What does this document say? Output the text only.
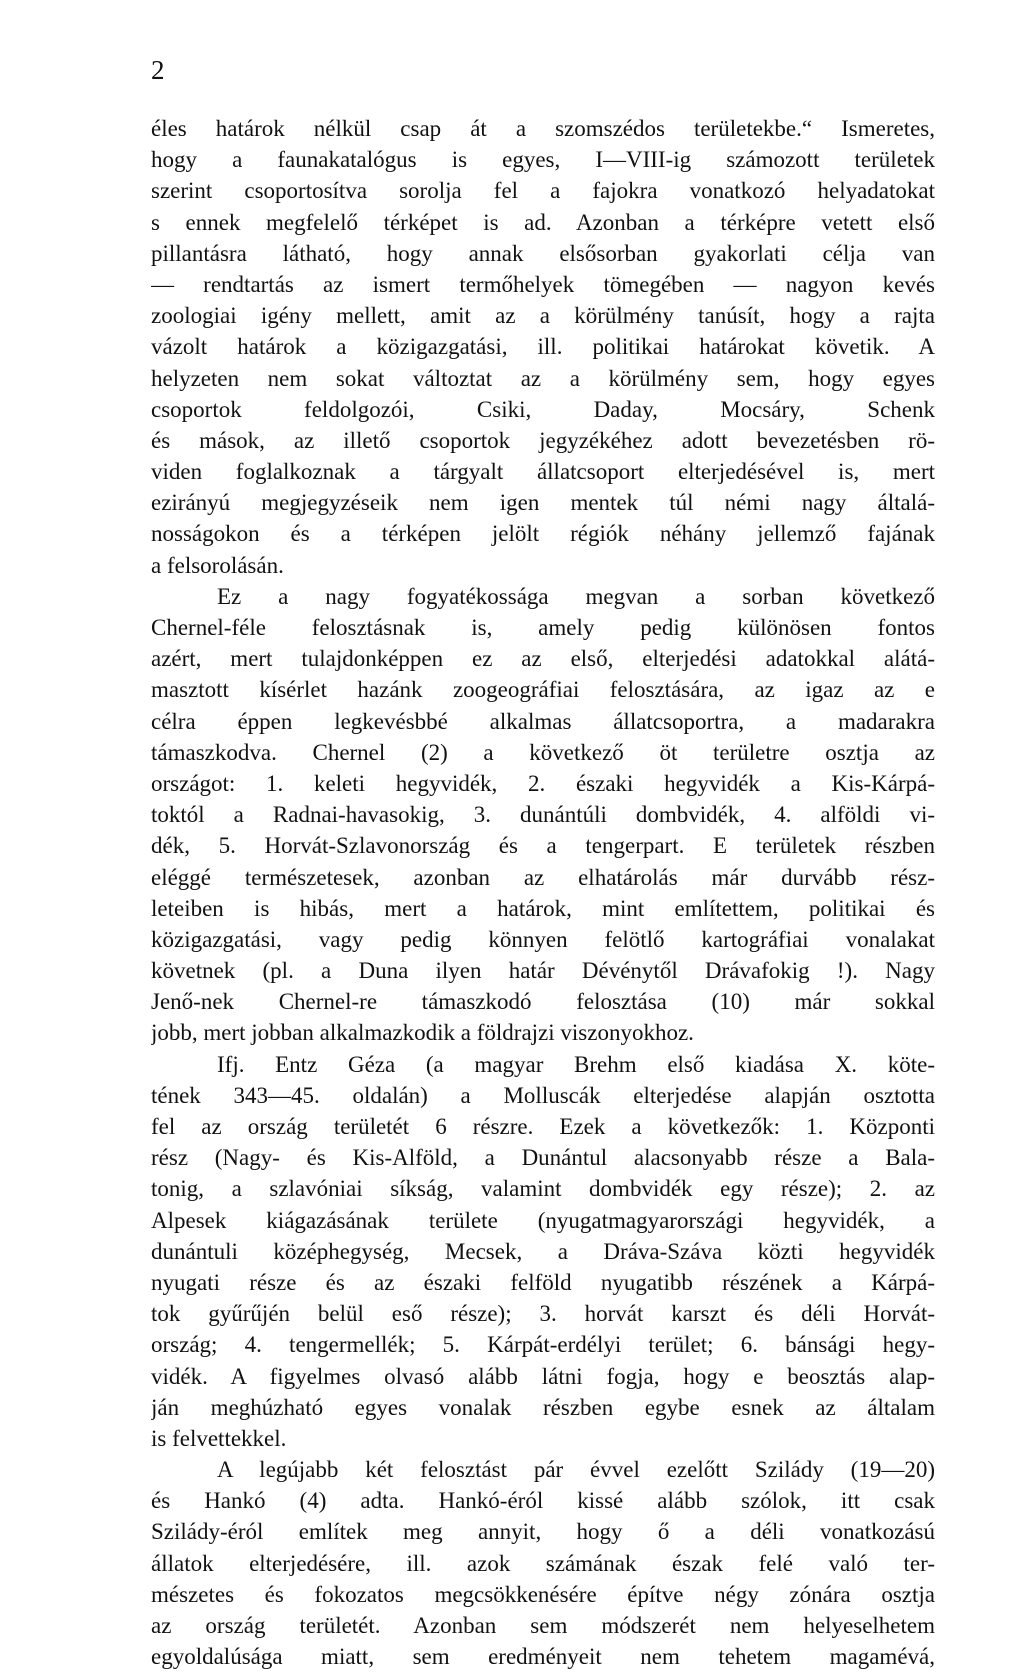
2
éles határok nélkül csap át a szomszédos területekbe.“ Ismeretes,
hogy a faunakatalógus is egyes, I—VIII-ig számozott területek
szerint csoportosítva sorolja fel a fajokra vonatkozó helyadatokat
s ennek megfelelő térképet is ad. Azonban a térképre vetett első
pillantásra látható, hogy annak elsősorban gyakorlati célja van
— rendtartás az ismert termőhelyek tömegében — nagyon kevés
zoologiai igény mellett, amit az a körülmény tanúsít, hogy a rajta
vázolt határok a közigazgatási, ill. politikai határokat követik. A
helyzeten nem sokat változtat az a körülmény sem, hogy egyes
csoportok feldolgozói, Csiki, Daday, Mocsáry, Schenk
és mások, az illető csoportok jegyzékéhez adott bevezetésben rö-
viden foglalkoznak a tárgyalt állatcsoport elterjedésével is, mert
ezirányú megjegyzéseik nem igen mentek túl némi nagy általá-
nosságokon és a térképen jelölt régiók néhány jellemző fajának
a felsorolásán.
Ez a nagy fogyatékossága megvan a sorban következő
Chernel-féle felosztásnak is, amely pedig különösen fontos
azért, mert tulajdonképpen ez az első, elterjedési adatokkal alátá-
masztott kísérlet hazánk zoogeográfiai felosztására, az igaz az e
célra éppen legkevésbbé alkalmas állatcsoportra, a madarakra
támaszkodva. Chernel (2) a következő öt területre osztja az
országot: 1. keleti hegyvidék, 2. északi hegyvidék a Kis-Kárpá-
toktól a Radnai-havasokig, 3. dunántúli dombvidék, 4. alföldi vi-
dék, 5. Horvát-Szlavonország és a tengerpart. E területek részben
eléggé természetesek, azonban az elhatárolás már durvább rész-
leteiben is hibás, mert a határok, mint említettem, politikai és
közigazgatási, vagy pedig könnyen felötlő kartográfiai vonalakat
követnek (pl. a Duna ilyen határ Dévénytől Drávafokig !). Nagy
Jenő-nek Chernel-re támaszkodó felosztása (10) már sokkal
jobb, mert jobban alkalmazkodik a földrajzi viszonyokhoz.
Ifj. Entz Géza (a magyar Brehm első kiadása X. köte-
tének 343—45. oldalán) a Molluscák elterjedése alapján osztotta
fel az ország területét 6 részre. Ezek a következők: 1. Központi
rész (Nagy- és Kis-Alföld, a Dunántul alacsonyabb része a Bala-
tonig, a szlavóniai síkság, valamint dombvidék egy része); 2. az
Alpesek kiágazásának területe (nyugatmagyarországi hegyvidék, a
dunántuli középhegység, Mecsek, a Dráva-Száva közti hegyvidék
nyugati része és az északi felföld nyugatibb részének a Kárpá-
tok gyűrűjén belül eső része); 3. horvát karszt és déli Horvát-
ország; 4. tengermellék; 5. Kárpát-erdélyi terület; 6. bánsági hegy-
vidék. A figyelmes olvasó alább látni fogja, hogy e beosztás alap-
ján meghúzható egyes vonalak részben egybe esnek az általam
is felvettekkel.
A legújabb két felosztást pár évvel ezelőtt Szilády (19—20)
és Hankó (4) adta. Hankó-éról kissé alább szólok, itt csak
Szilády-éról említek meg annyit, hogy ő a déli vonatkozású
állatok elterjedésére, ill. azok számának észak felé való ter-
mészetes és fokozatos megcsökkenésére építve négy zónára osztja
az ország területét. Azonban sem módszerét nem helyeselhetem
egyoldalúsága miatt, sem eredményeit nem tehetem magamévá,
